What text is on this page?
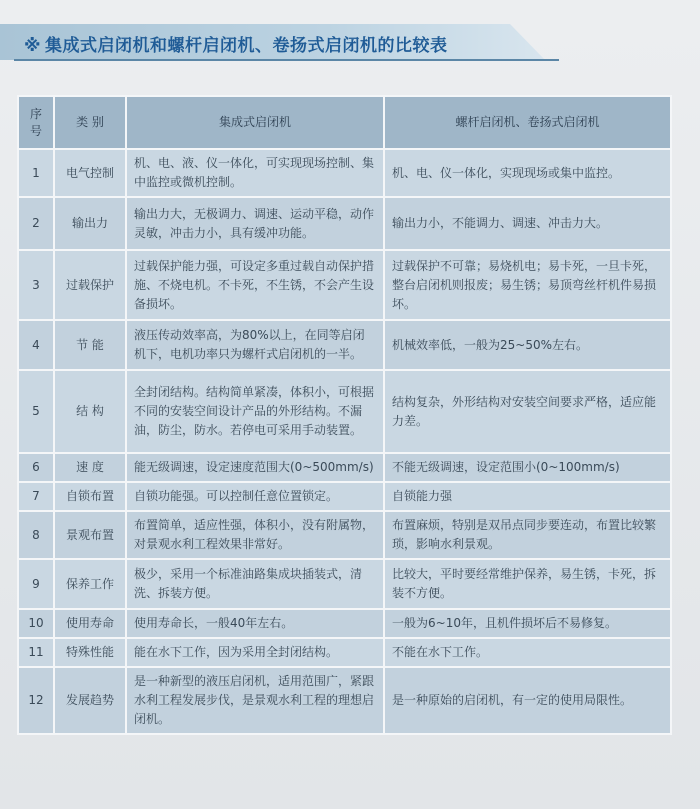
※ 集成式启闭机和螺杆启闭机、卷扬式启闭机的比较表
序
号	类 别	集成式启闭机	螺杆启闭机、卷扬式启闭机
1	电气控制	机、电、液、仪一体化，可实现现场控制、集中监控或微机控制。	机、电、仪一体化，实现现场或集中监控。
2	输出力	输出力大，无极调力、调速、运动平稳，动作灵敏，冲击力小，具有缓冲功能。	输出力小，不能调力、调速、冲击力大。
3	过载保护	过载保护能力强，可设定多重过载自动保护措施、不烧电机。不卡死，不生锈，不会产生设备损坏。	过载保护不可靠；易烧机电；易卡死，一旦卡死，整台启闭机则报废；易生锈；易顶弯丝杆机件易损坏。
4	节 能	液压传动效率高，为80%以上，在同等启闭机下，电机功率只为螺杆式启闭机的一半。	机械效率低，一般为25~50%左右。
5	结 构	全封闭结构。结构简单紧凑，体积小，可根据不同的安装空间设计产品的外形结构。不漏油，防尘，防水。若停电可采用手动装置。	结构复杂，外形结构对安装空间要求严格，适应能力差。
6	速 度	能无级调速，设定速度范围大(0~500mm/s)	不能无级调速，设定范围小(0~100mm/s)
7	自锁布置	自锁功能强。可以控制任意位置锁定。	自锁能力强
8	景观布置	布置简单，适应性强，体积小，没有附属物，对景观水利工程效果非常好。	布置麻烦，特别是双吊点同步要连动，布置比较繁琐，影响水利景观。
9	保养工作	极少，采用一个标准油路集成块插装式，清洗、拆装方便。	比较大，平时要经常维护保养，易生锈，卡死，拆装不方便。
10	使用寿命	使用寿命长，一般40年左右。	一般为6~10年，且机件损坏后不易修复。
11	特殊性能	能在水下工作，因为采用全封闭结构。	不能在水下工作。
12	发展趋势	是一种新型的液压启闭机，适用范围广，紧跟水利工程发展步伐，是景观水利工程的理想启闭机。	是一种原始的启闭机，有一定的使用局限性。
